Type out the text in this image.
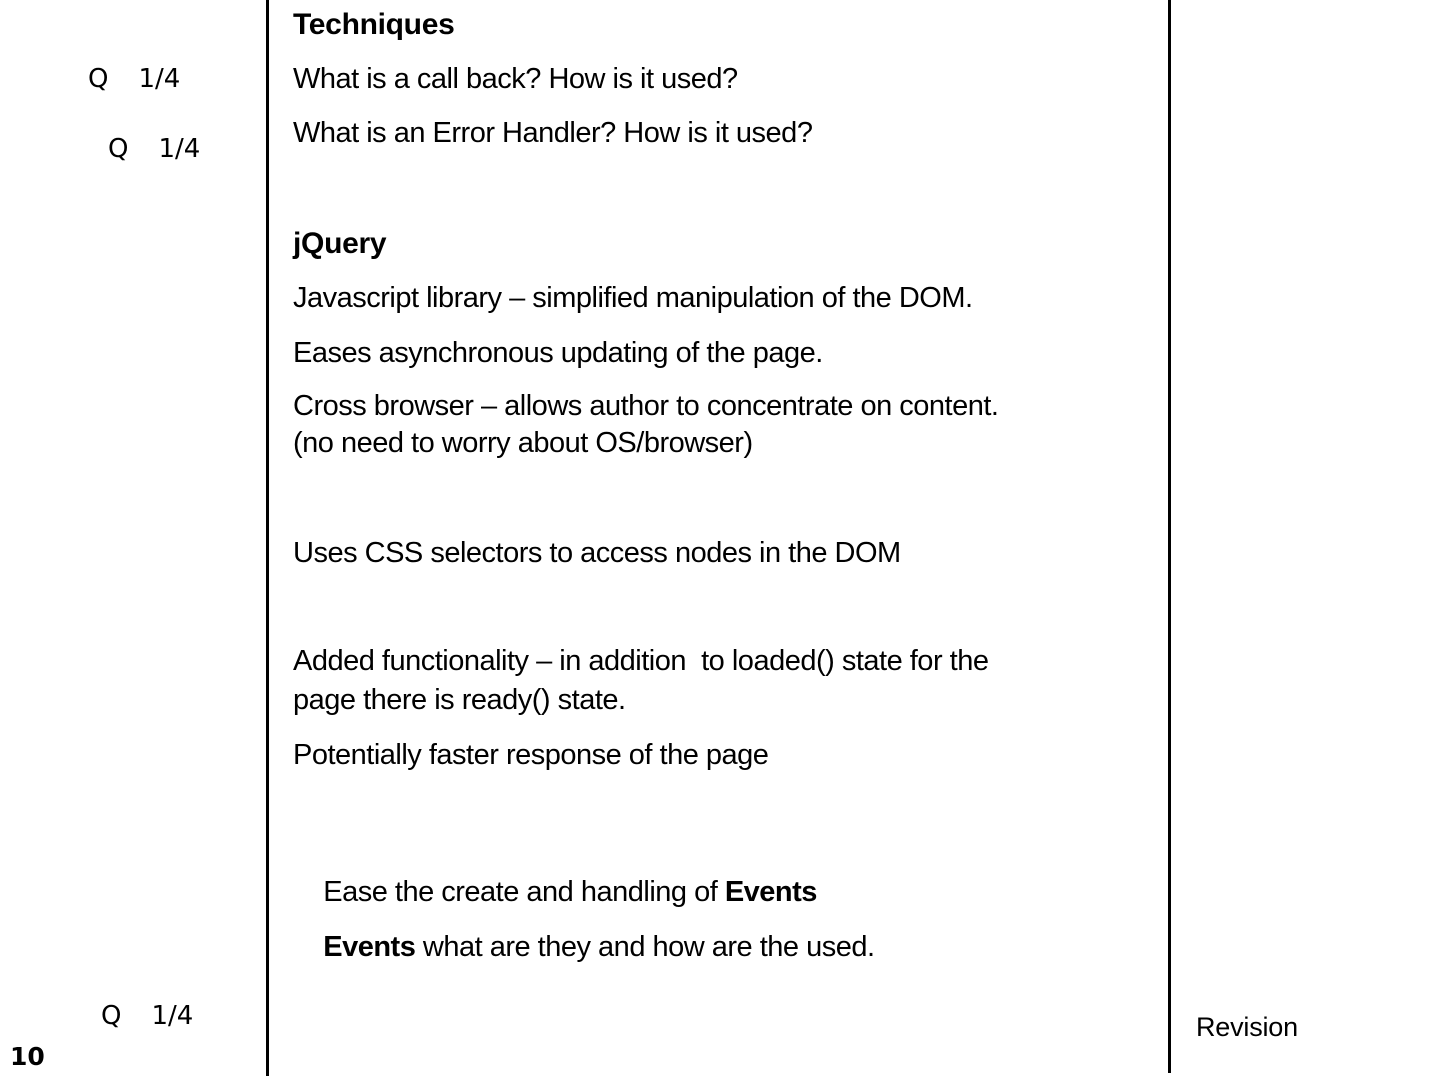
Q 1/4
Q 1/4
Q 1/4
Techniques
What is a call back? How is it used?
What is an Error Handler? How is it used?
jQuery
Javascript library – simplified manipulation of the DOM.
Eases asynchronous updating of the page.
Cross browser – allows author to concentrate on content.
(no need to worry about OS/browser)
Uses CSS selectors to access nodes in the DOM
Added functionality – in addition  to loaded() state for the
page there is ready() state.
Potentially faster response of the page

Ease the create and handling of Events

Events what are they and how are the used.

10
Revision
